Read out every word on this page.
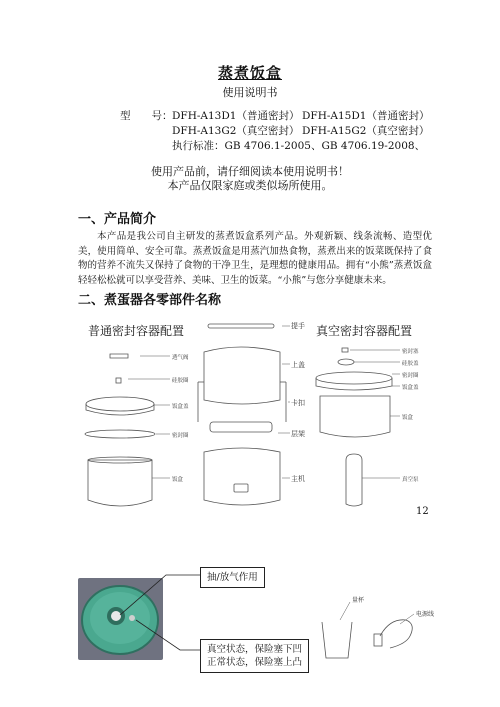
蒸煮饭盒
使用说明书
型　　号：DFH-A13D1（普通密封） DFH-A15D1（普通密封）
DFH-A13G2（真空密封） DFH-A15G2（真空密封）
执行标准：GB 4706.1-2005、GB 4706.19-2008、
使用产品前，请仔细阅读本使用说明书！
本产品仅限家庭或类似场所使用。
一、产品简介
本产品是我公司自主研发的蒸煮饭盒系列产品。外观新颖、线条流畅、造型优美，使用简单、安全可靠。蒸煮饭盒是用蒸汽加热食物，蒸煮出来的饭菜既保持了食物的营养不流失又保持了食物的干净卫生，是理想的健康用品。拥有“小熊”蒸煮饭盒轻轻松松就可以享受营养、美味、卫生的饭菜。“小熊”与您分享健康未来。
二、煮蛋器各零部件名称
普通密封容器配置	真空密封容器配置
透气阀
硅胶圈
饭盒盖
密封圈
饭盒
提手
上盖
卡扣
层架
主机
密封塞
硅胶盖
密封圈
饭盒盖
饭盒
真空泵
12
抽/放气作用
真空状态，保险塞下凹
正常状态，保险塞上凸
量杯
电源线
